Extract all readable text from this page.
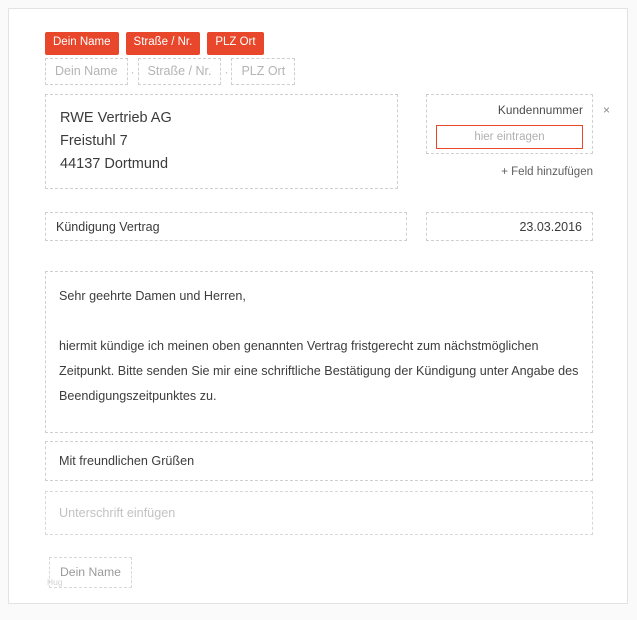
Dein Name	Straße / Nr.	PLZ Ort
Dein Name	·	Straße / Nr.	·	PLZ Ort
RWE Vertrieb AG
Freistuhl 7
44137 Dortmund
Kundennummer
hier eintragen
×
+ Feld hinzufügen
Kündigung Vertrag	23.03.2016

Sehr geehrte Damen und Herren,

hiermit kündige ich meinen oben genannten Vertrag fristgerecht zum nächstmöglichen Zeitpunkt. Bitte senden Sie mir eine schriftliche Bestätigung der Kündigung unter Angabe des Beendigungszeitpunktes zu.

Mit freundlichen Grüßen
Unterschrift einfügen
Dein Name
Hug
